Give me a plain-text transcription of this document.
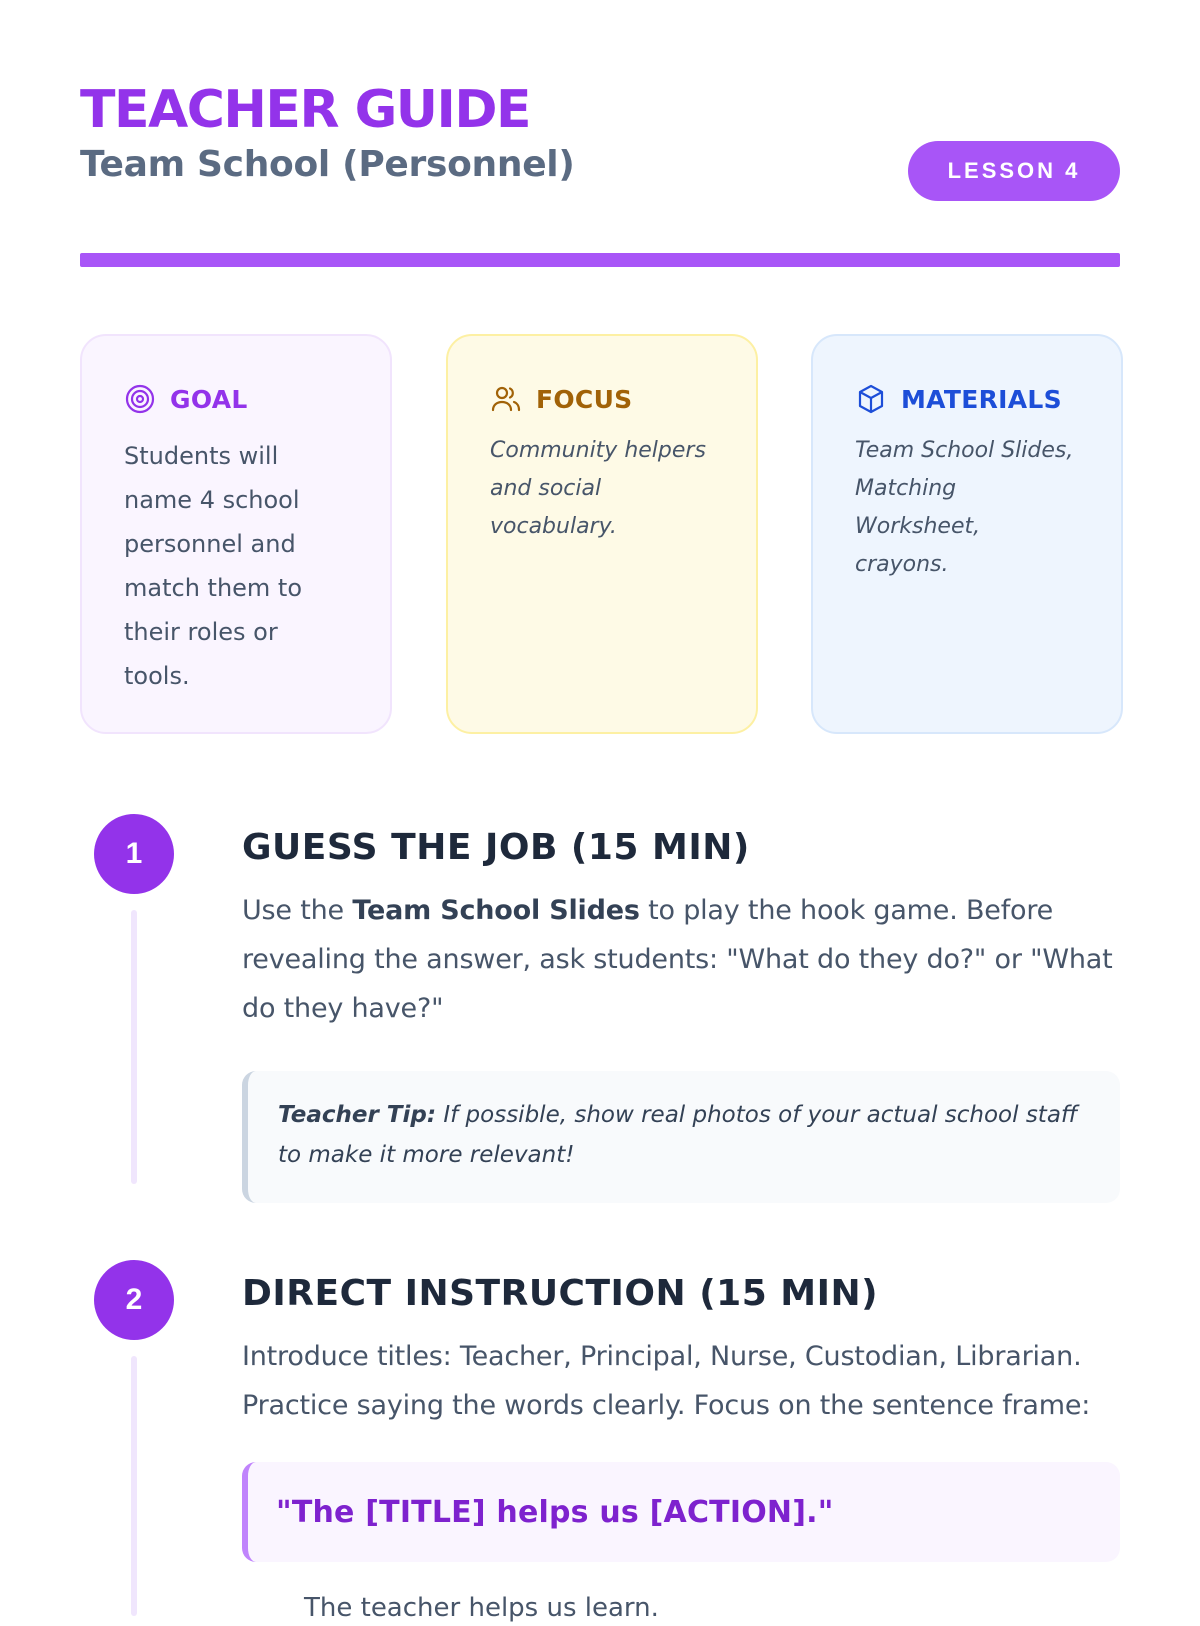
TEACHER GUIDE
Team School (Personnel)	LESSON 4
GOAL
Students will name 4 school personnel and match them to their roles or tools.
FOCUS
Community helpers and social vocabulary.
MATERIALS
Team School Slides, Matching Worksheet, crayons.
1	GUESS THE JOB (15 MIN)
Use the Team School Slides to play the hook game. Before revealing the answer, ask students: "What do they do?" or "What do they have?"
Teacher Tip: If possible, show real photos of your actual school staff to make it more relevant!
2	DIRECT INSTRUCTION (15 MIN)
Introduce titles: Teacher, Principal, Nurse, Custodian, Librarian. Practice saying the words clearly. Focus on the sentence frame:
"The [TITLE] helps us [ACTION]."
The teacher helps us learn.
